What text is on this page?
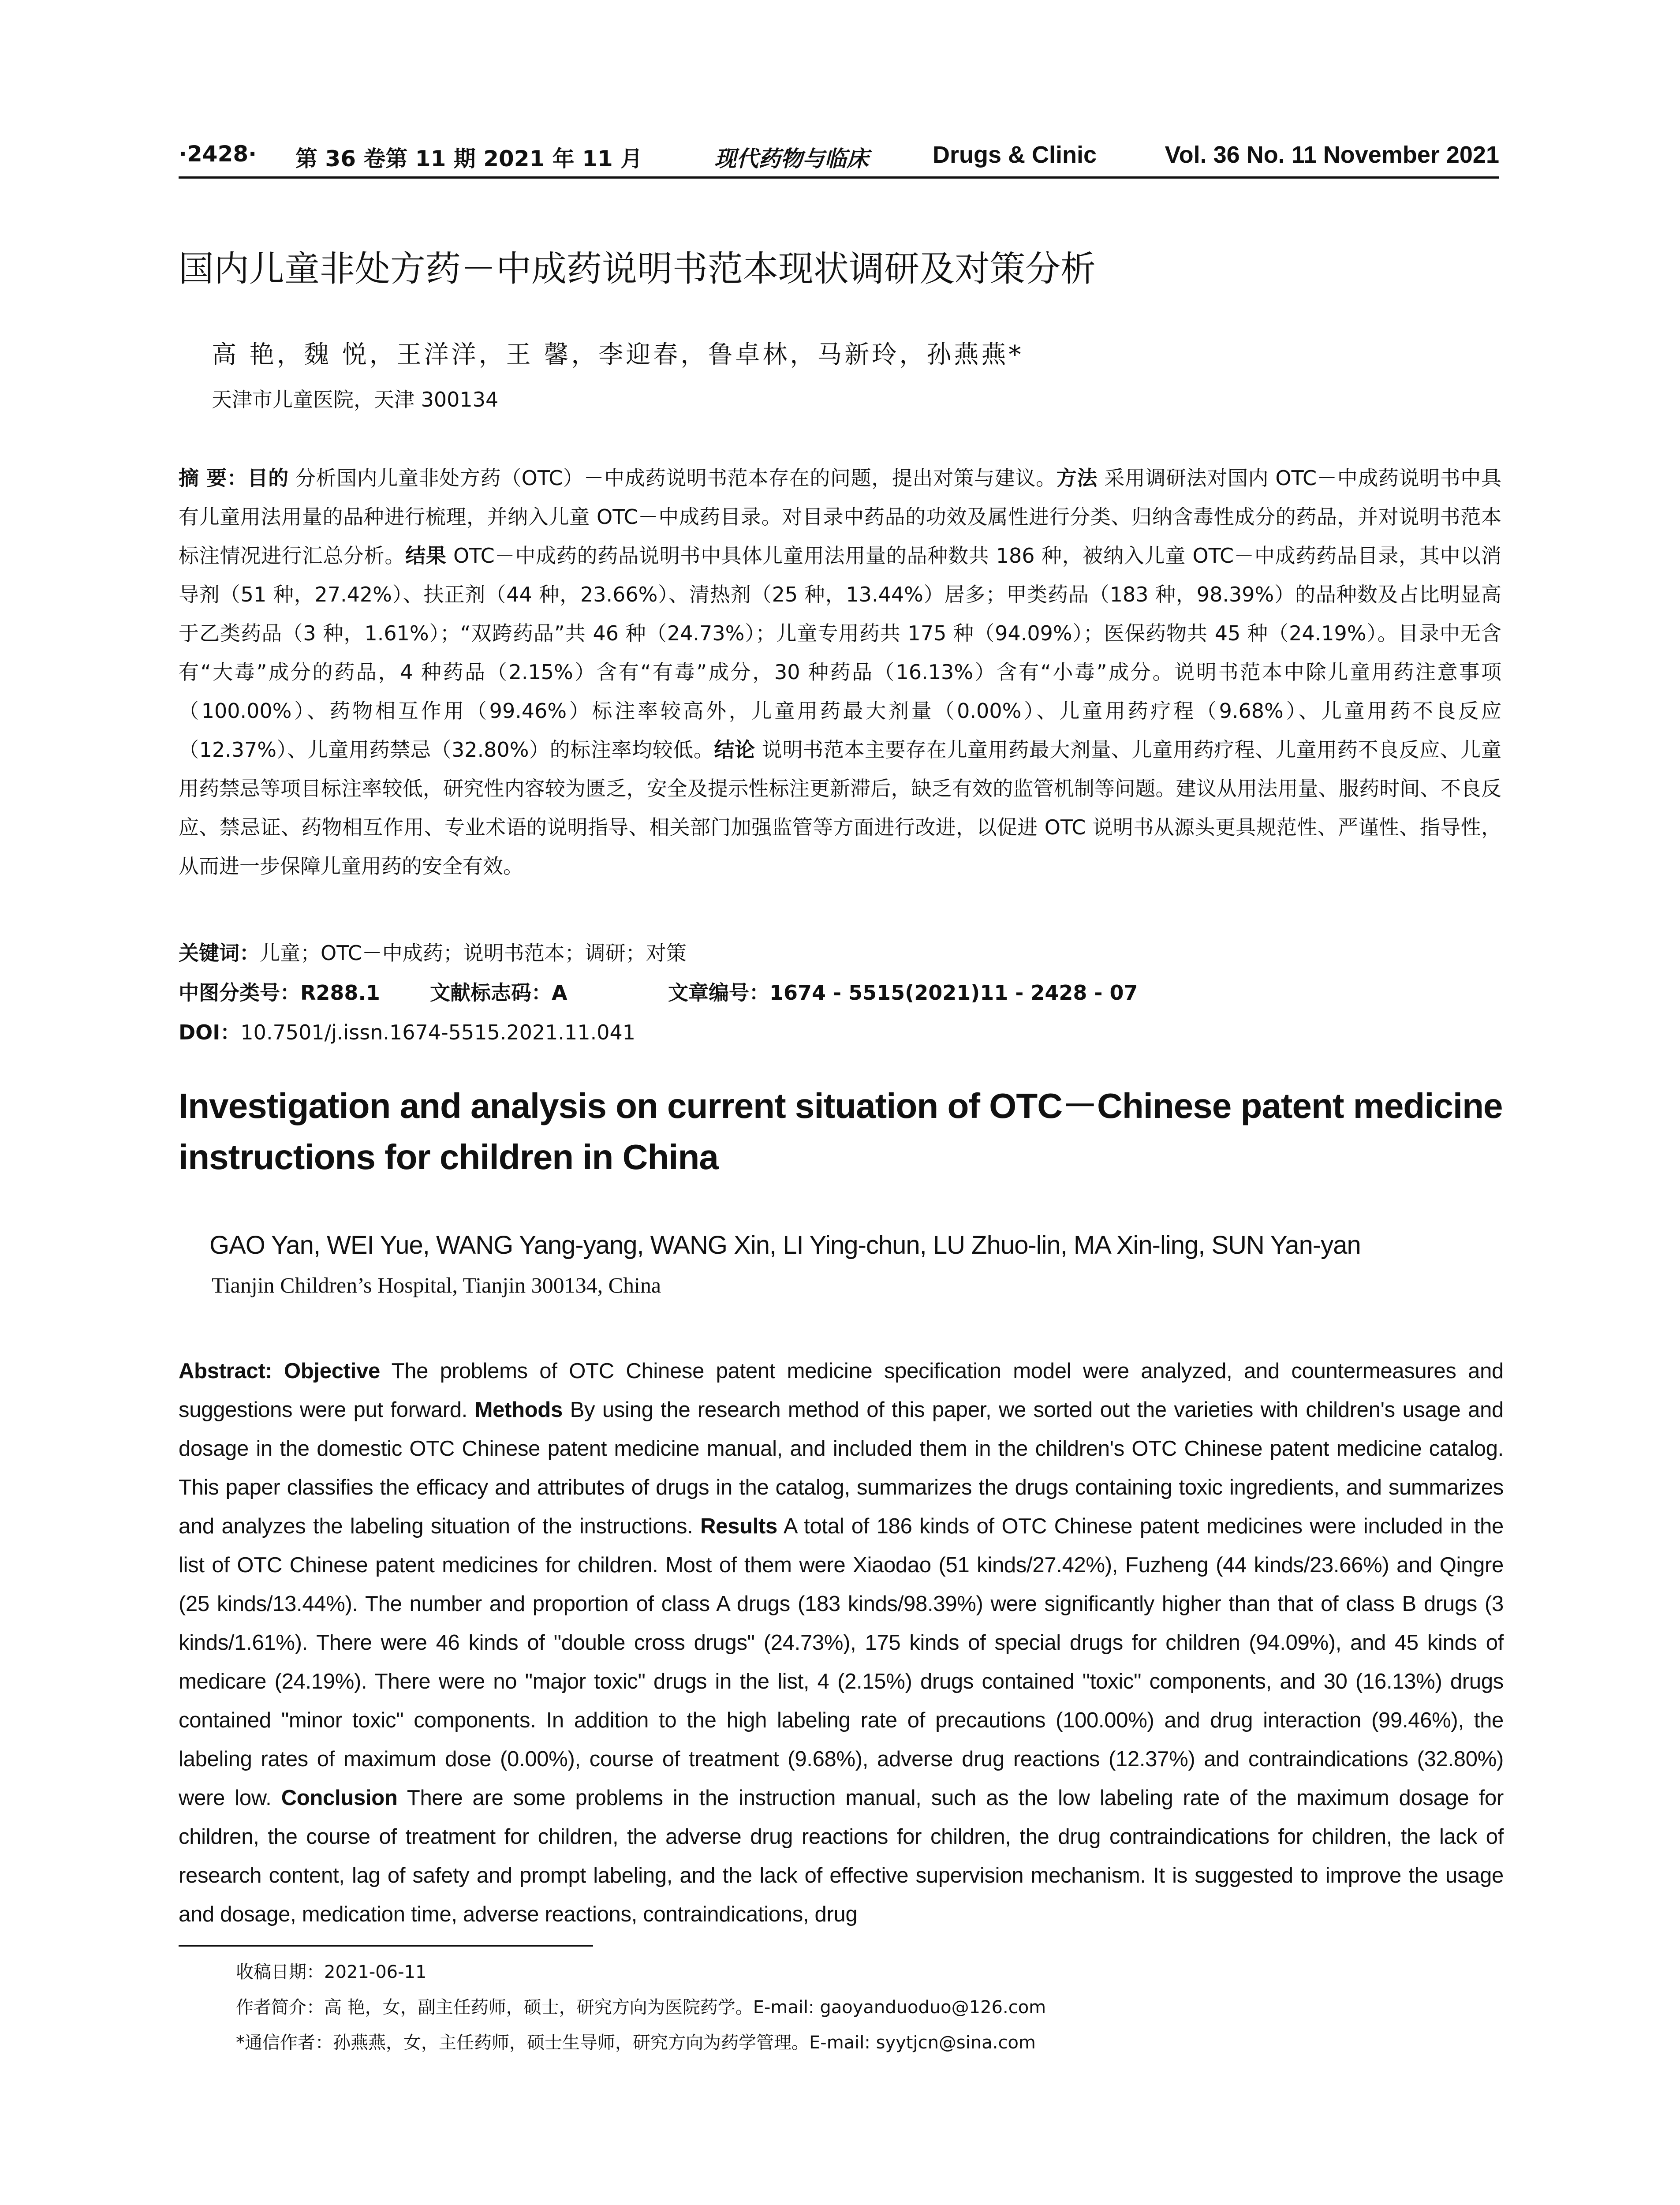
·2428· 第 36 卷第 11 期 2021 年 11 月	现代药物与临床	Drugs & Clinic	Vol. 36 No. 11 November 2021
国内儿童非处方药－中成药说明书范本现状调研及对策分析
高 艳，魏 悦，王洋洋，王 馨，李迎春，鲁卓林，马新玲，孙燕燕*
天津市儿童医院，天津 300134
摘 要：目的 分析国内儿童非处方药（OTC）－中成药说明书范本存在的问题，提出对策与建议。方法 采用调研法对国内 OTC－中成药说明书中具有儿童用法用量的品种进行梳理，并纳入儿童 OTC－中成药目录。对目录中药品的功效及属性进行分类、归纳含毒性成分的药品，并对说明书范本标注情况进行汇总分析。结果 OTC－中成药的药品说明书中具体儿童用法用量的品种数共 186 种，被纳入儿童 OTC－中成药药品目录，其中以消导剂（51 种，27.42%）、扶正剂（44 种，23.66%）、清热剂（25 种，13.44%）居多；甲类药品（183 种，98.39%）的品种数及占比明显高于乙类药品（3 种，1.61%）；“双跨药品”共 46 种（24.73%）；儿童专用药共 175 种（94.09%）；医保药物共 45 种（24.19%）。目录中无含有“大毒”成分的药品，4 种药品（2.15%）含有“有毒”成分，30 种药品（16.13%）含有“小毒”成分。说明书范本中除儿童用药注意事项（100.00%）、药物相互作用（99.46%）标注率较高外，儿童用药最大剂量（0.00%）、儿童用药疗程（9.68%）、儿童用药不良反应（12.37%）、儿童用药禁忌（32.80%）的标注率均较低。结论 说明书范本主要存在儿童用药最大剂量、儿童用药疗程、儿童用药不良反应、儿童用药禁忌等项目标注率较低，研究性内容较为匮乏，安全及提示性标注更新滞后，缺乏有效的监管机制等问题。建议从用法用量、服药时间、不良反应、禁忌证、药物相互作用、专业术语的说明指导、相关部门加强监管等方面进行改进，以促进 OTC 说明书从源头更具规范性、严谨性、指导性，从而进一步保障儿童用药的安全有效。
关键词：儿童；OTC－中成药；说明书范本；调研；对策
中图分类号：R288.1 文献标志码：A	文章编号：1674 - 5515(2021)11 - 2428 - 07
DOI：10.7501/j.issn.1674-5515.2021.11.041
Investigation and analysis on current situation of OTC－Chinese patent medicine instructions for children in China
GAO Yan, WEI Yue, WANG Yang-yang, WANG Xin, LI Ying-chun, LU Zhuo-lin, MA Xin-ling, SUN Yan-yan
Tianjin Children’s Hospital, Tianjin 300134, China
Abstract: Objective The problems of OTC Chinese patent medicine specification model were analyzed, and countermeasures and suggestions were put forward. Methods By using the research method of this paper, we sorted out the varieties with children's usage and dosage in the domestic OTC Chinese patent medicine manual, and included them in the children's OTC Chinese patent medicine catalog. This paper classifies the efficacy and attributes of drugs in the catalog, summarizes the drugs containing toxic ingredients, and summarizes and analyzes the labeling situation of the instructions. Results A total of 186 kinds of OTC Chinese patent medicines were included in the list of OTC Chinese patent medicines for children. Most of them were Xiaodao (51 kinds/27.42%), Fuzheng (44 kinds/23.66%) and Qingre (25 kinds/13.44%). The number and proportion of class A drugs (183 kinds/98.39%) were significantly higher than that of class B drugs (3 kinds/1.61%). There were 46 kinds of "double cross drugs" (24.73%), 175 kinds of special drugs for children (94.09%), and 45 kinds of medicare (24.19%). There were no "major toxic" drugs in the list, 4 (2.15%) drugs contained "toxic" components, and 30 (16.13%) drugs contained "minor toxic" components. In addition to the high labeling rate of precautions (100.00%) and drug interaction (99.46%), the labeling rates of maximum dose (0.00%), course of treatment (9.68%), adverse drug reactions (12.37%) and contraindications (32.80%) were low. Conclusion There are some problems in the instruction manual, such as the low labeling rate of the maximum dosage for children, the course of treatment for children, the adverse drug reactions for children, the drug contraindications for children, the lack of research content, lag of safety and prompt labeling, and the lack of effective supervision mechanism. It is suggested to improve the usage and dosage, medication time, adverse reactions, contraindications, drug
收稿日期：2021-06-11
作者简介：高 艳，女，副主任药师，硕士，研究方向为医院药学。E-mail: gaoyanduoduo@126.com
*通信作者：孙燕燕，女，主任药师，硕士生导师，研究方向为药学管理。E-mail: syytjcn@sina.com
